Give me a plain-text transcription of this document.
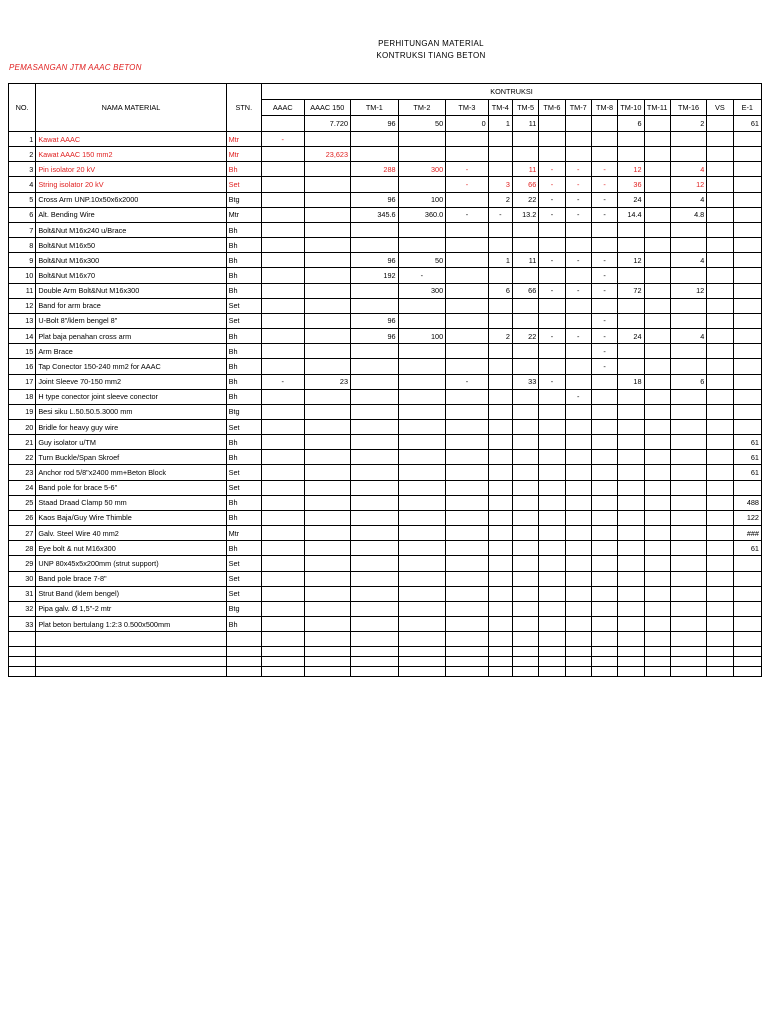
PERHITUNGAN MATERIAL
KONTRUKSI TIANG BETON
PEMASANGAN JTM AAAC BETON
			KONTRUKSI														
NO.	NAMA MATERIAL	STN.	AAAC	AAAC 150	TM-1	TM-2	TM-3	TM-4	TM-5	TM-6	TM-7	TM-8	TM-10	TM-11	TM-16	VS	E-1
				7.720	96	50	0	1	11				6		2		61
1	Kawat AAAC	Mtr	-														
2	Kawat AAAC 150 mm2	Mtr		23,623													
3	Pin isolator 20 kV	Bh			288	300	-		11	-	-	-	12		4		
4	String isolator 20 kV	Set					-	3	66	-	-	-	36		12		
5	Cross Arm UNP.10x50x6x2000	Btg			96	100		2	22	-	-	-	24		4		
6	Alt. Bending Wire	Mtr			345.6	360.0	-	-	13.2	-	-	-	14.4		4.8		
7	Bolt&Nut M16x240 u/Brace	Bh															
8	Bolt&Nut M16x50	Bh															
9	Bolt&Nut M16x300	Bh			96	50		1	11	-	-	-	12		4		
10	Bolt&Nut M16x70	Bh			192	-						-					
11	Double Arm Bolt&Nut M16x300	Bh				300		6	66	-	-	-	72		12		
12	Band for arm brace	Set															
13	U-Bolt 8"/klem bengel 8"	Set			96							-					
14	Plat baja penahan cross arm	Bh			96	100		2	22	-	-	-	24		4		
15	Arm Brace	Bh										-					
16	Tap Conector 150-240 mm2 for AAAC	Bh										-					
17	Joint Sleeve 70-150 mm2	Bh	-	23			-		33	-			18		6		
18	H type conector joint sleeve conector	Bh									-						
19	Besi siku L.50.50.5.3000 mm	Btg															
20	Bridle for heavy guy wire	Set															
21	Guy isolator u/TM	Bh															61
22	Turn Buckle/Span Skroef	Bh															61
23	Anchor rod 5/8"x2400 mm+Beton Block	Set															61
24	Band pole for brace 5-6"	Set															
25	Staad Draad Clamp 50 mm	Bh															488
26	Kaos Baja/Guy Wire Thimble	Bh															122
27	Galv. Steel Wire 40 mm2	Mtr															###
28	Eye bolt & nut M16x300	Bh															61
29	UNP 80x45x5x200mm (strut support)	Set															
30	Band pole brace 7-8"	Set															
31	Strut Band (klem bengel)	Set															
32	Pipa galv. Ø 1,5"-2 mtr	Btg															
33	Plat beton bertulang 1:2:3 0.500x500mm	Bh															
